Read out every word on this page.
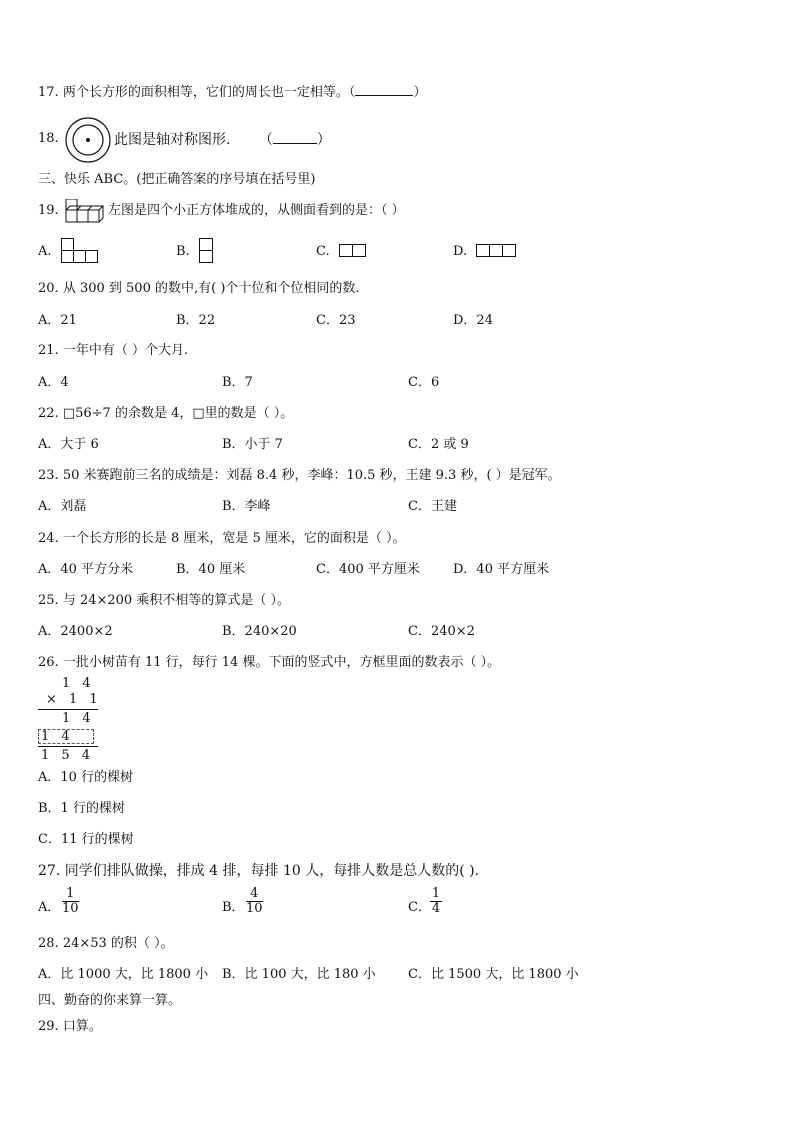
17. 两个长方形的面积相等，它们的周长也一定相等。（	）
18.	此图是轴对称图形. （	）
三、快乐 ABC。(把正确答案的序号填在括号里)
19.	左图是四个小正方体堆成的，从侧面看到的是：（ ）
A.	B.	C.	D.
20. 从 300 到 500 的数中,有( )个十位和个位相同的数.
A．21	B．22	C．23	D．24
21. 一年中有（ ）个大月.
A．4	B．7	C．6
22. □56÷7 的余数是 4，□里的数是（ ）。
A．大于 6	B．小于 7	C．2 或 9
23. 50 米赛跑前三名的成绩是：刘磊 8.4 秒，李峰：10.5 秒，王建 9.3 秒，( ）是冠军。
A．刘磊	B．李峰	C．王建
24. 一个长方形的长是 8 厘米，宽是 5 厘米，它的面积是（ ）。
A．40 平方分米	B．40 厘米	C．400 平方厘米	D．40 平方厘米
25. 与 24×200 乘积不相等的算式是（ ）。
A．2400×2	B．240×20	C．240×2
26. 一批小树苗有 11 行，每行 14 棵。下面的竖式中，方框里面的数表示（ ）。
1 4
× 1 1
1 4
1 4
1 5 4
A．10 行的棵树
B．1 行的棵树
C．11 行的棵树
27. 同学们排队做操，排成 4 排，每排 10 人，每排人数是总人数的( ).
A．
1
10	B．
4
10	C．
1
4
28. 24×53 的积（ ）。
A．比 1000 大，比 1800 小 B．比 100 大，比 180 小 C．比 1500 大，比 1800 小
四、勤奋的你来算一算。
29. 口算。
